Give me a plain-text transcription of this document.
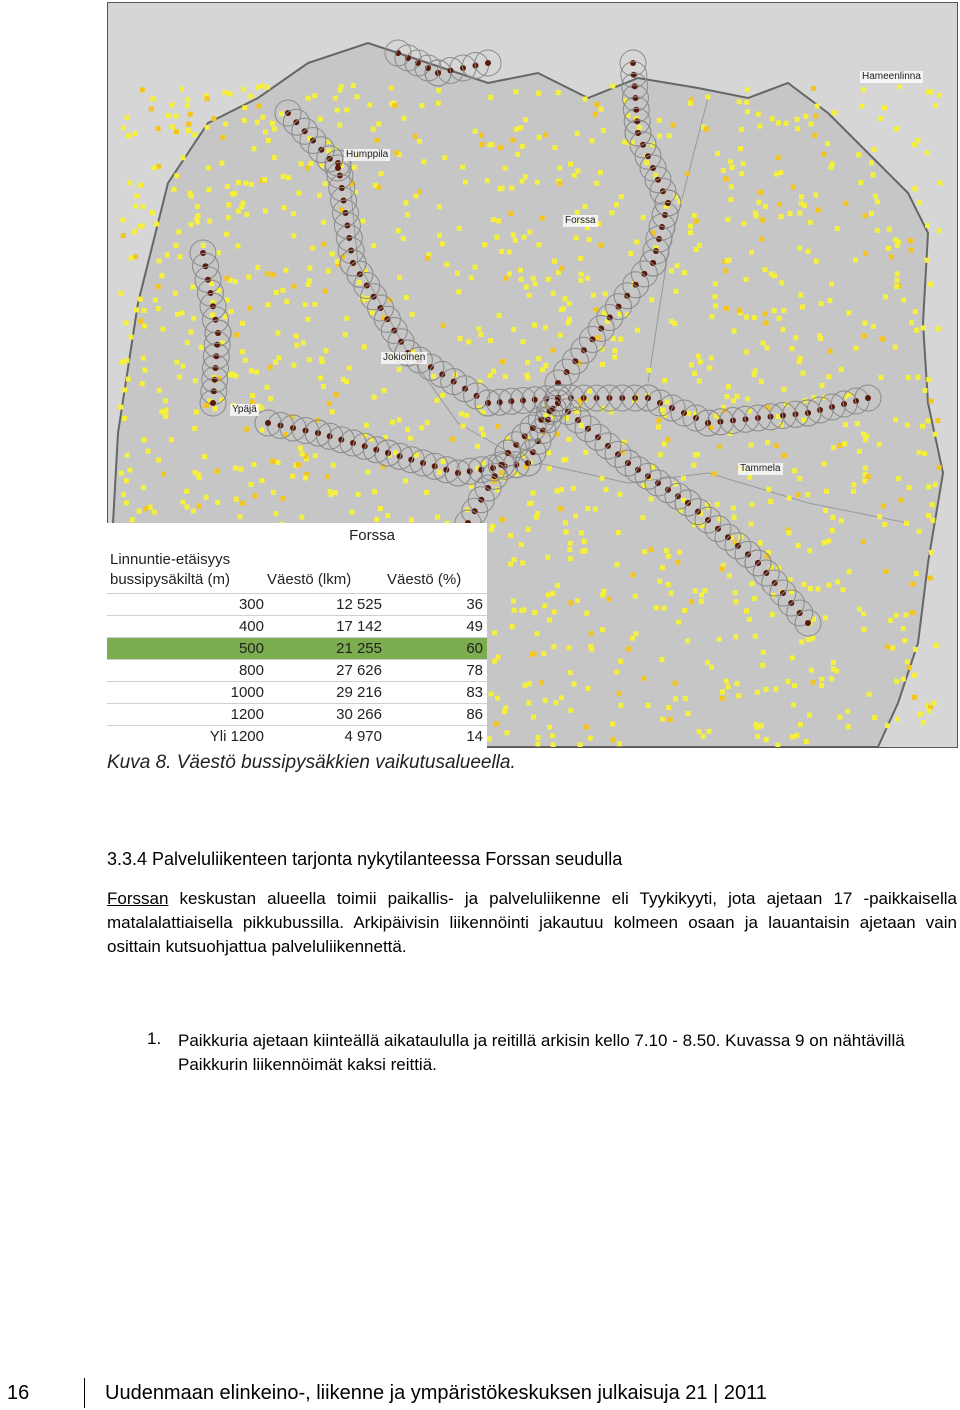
Hameenlinna
Humppila
Forssa
Jokioinen
Ypäjä
Tammela
Forssa
Linnuntie-etäisyys
bussipysäkiltä (m) Väestö (lkm) Väestö (%)
300	12 525	36
400	17 142	49
500	21 255	60
800	27 626	78
1000	29 216	83
1200	30 266	86
Yli 1200	4 970	14
Kuva 8. Väestö bussipysäkkien vaikutusalueella.
3.3.4 Palveluliikenteen tarjonta nykytilanteessa Forssan seudulla
Forssan keskustan alueella toimii paikallis- ja palveluliikenne eli Tyykikyyti, jota ajetaan 17 -paikkaisella matalalattiaisella pikkubussilla. Arkipäivisin liikennöinti jakautuu kolmeen osaan ja lauantaisin ajetaan vain osittain kutsuohjattua palveluliikennettä.
1. Paikkuria ajetaan kiinteällä aikataululla ja reitillä arkisin kello 7.10 - 8.50. Kuvassa 9 on nähtävillä Paikkurin liikennöimät kaksi reittiä.
16	Uudenmaan elinkeino-, liikenne ja ympäristökeskuksen julkaisuja 21 | 2011
